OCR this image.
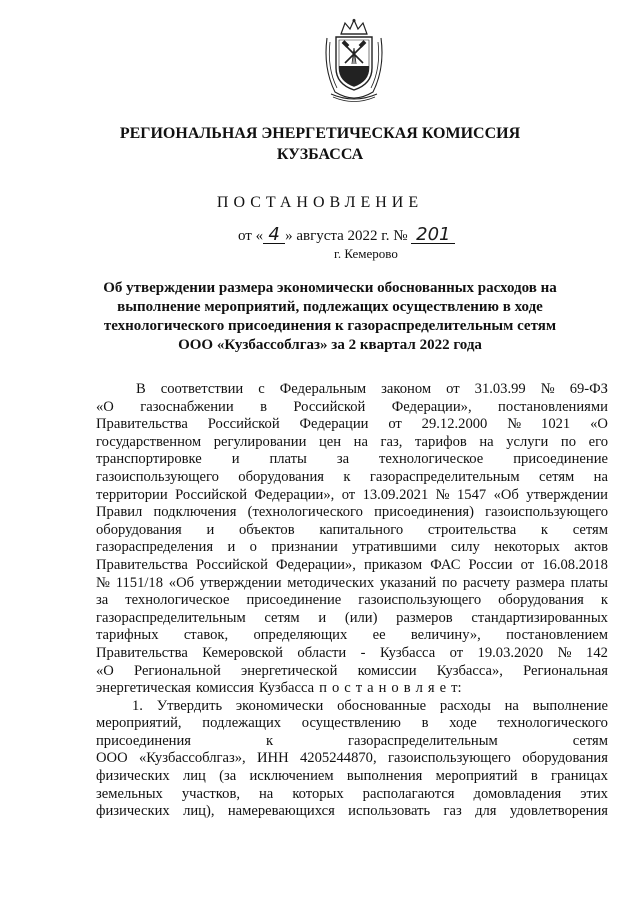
РЕГИОНАЛЬНАЯ ЭНЕРГЕТИЧЕСКАЯ КОМИССИЯ
КУЗБАССА
ПОСТАНОВЛЕНИЕ
от « 4 » августа 2022 г. № 201
г. Кемерово
Об утверждении размера экономически обоснованных расходов на
выполнение мероприятий, подлежащих осуществлению в ходе
технологического присоединения к газораспределительным сетям
ООО «Кузбассоблгаз» за 2 квартал 2022 года
В соответствии с Федеральным законом от 31.03.99 № 69-ФЗ
«О газоснабжении в Российской Федерации», постановлениями
Правительства Российской Федерации от 29.12.2000 № 1021 «О
государственном регулировании цен на газ, тарифов на услуги по его
транспортировке и платы за технологическое присоединение
газоиспользующего оборудования к газораспределительным сетям на
территории Российской Федерации», от 13.09.2021 № 1547 «Об утверждении
Правил подключения (технологического присоединения) газоиспользующего
оборудования и объектов капитального строительства к сетям
газораспределения и о признании утратившими силу некоторых актов
Правительства Российской Федерации», приказом ФАС России от 16.08.2018
№ 1151/18 «Об утверждении методических указаний по расчету размера платы
за технологическое присоединение газоиспользующего оборудования к
газораспределительным сетям и (или) размеров стандартизированных
тарифных ставок, определяющих ее величину», постановлением
Правительства Кемеровской области - Кузбасса от 19.03.2020 № 142
«О Региональной энергетической комиссии Кузбасса», Региональная
энергетическая комиссия Кузбасса п о с т а н о в л я е т:
1. Утвердить экономически обоснованные расходы на выполнение
мероприятий, подлежащих осуществлению в ходе технологического
присоединения	к	газораспределительным	сетям
ООО «Кузбассоблгаз», ИНН 4205244870, газоиспользующего оборудования
физических лиц (за исключением выполнения мероприятий в границах
земельных участков, на которых располагаются домовладения этих
физических лиц), намеревающихся использовать газ для удовлетворения
